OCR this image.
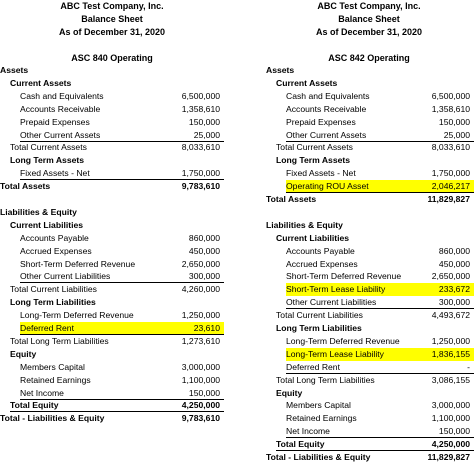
ABC Test Company, Inc.
Balance Sheet
As of December 31, 2020
ASC 840 Operating
Assets
Current Assets
Cash and Equivalents	6,500,000
Accounts Receivable	1,358,610
Prepaid Expenses	150,000
Other Current Assets	25,000
Total Current Assets	8,033,610
Long Term Assets
Fixed Assets - Net	1,750,000
Total Assets	9,783,610
Liabilities & Equity
Current Liabilities
Accounts Payable	860,000
Accrued Expenses	450,000
Short-Term Deferred Revenue	2,650,000
Other Current Liabilities	300,000
Total Current Liabilities	4,260,000
Long Term Liabilities
Long-Term Deferred Revenue	1,250,000
Deferred Rent	23,610
Total Long Term Liabilities	1,273,610
Equity
Members Capital	3,000,000
Retained Earnings	1,100,000
Net Income	150,000
Total Equity	4,250,000
Total - Liabilities & Equity	9,783,610
ABC Test Company, Inc.
Balance Sheet
As of December 31, 2020
ASC 842 Operating
Assets
Current Assets
Cash and Equivalents	6,500,000
Accounts Receivable	1,358,610
Prepaid Expenses	150,000
Other Current Assets	25,000
Total Current Assets	8,033,610
Long Term Assets
Fixed Assets - Net	1,750,000
Operating ROU Asset	2,046,217
Total Assets	11,829,827
Liabilities & Equity
Current Liabilities
Accounts Payable	860,000
Accrued Expenses	450,000
Short-Term Deferred Revenue	2,650,000
Short-Term Lease Liability	233,672
Other Current Liabilities	300,000
Total Current Liabilities	4,493,672
Long Term Liabilities
Long-Term Deferred Revenue	1,250,000
Long-Term Lease Liability	1,836,155
Deferred Rent	-
Total Long Term Liabilities	3,086,155
Equity
Members Capital	3,000,000
Retained Earnings	1,100,000
Net Income	150,000
Total Equity	4,250,000
Total - Liabilities & Equity	11,829,827
